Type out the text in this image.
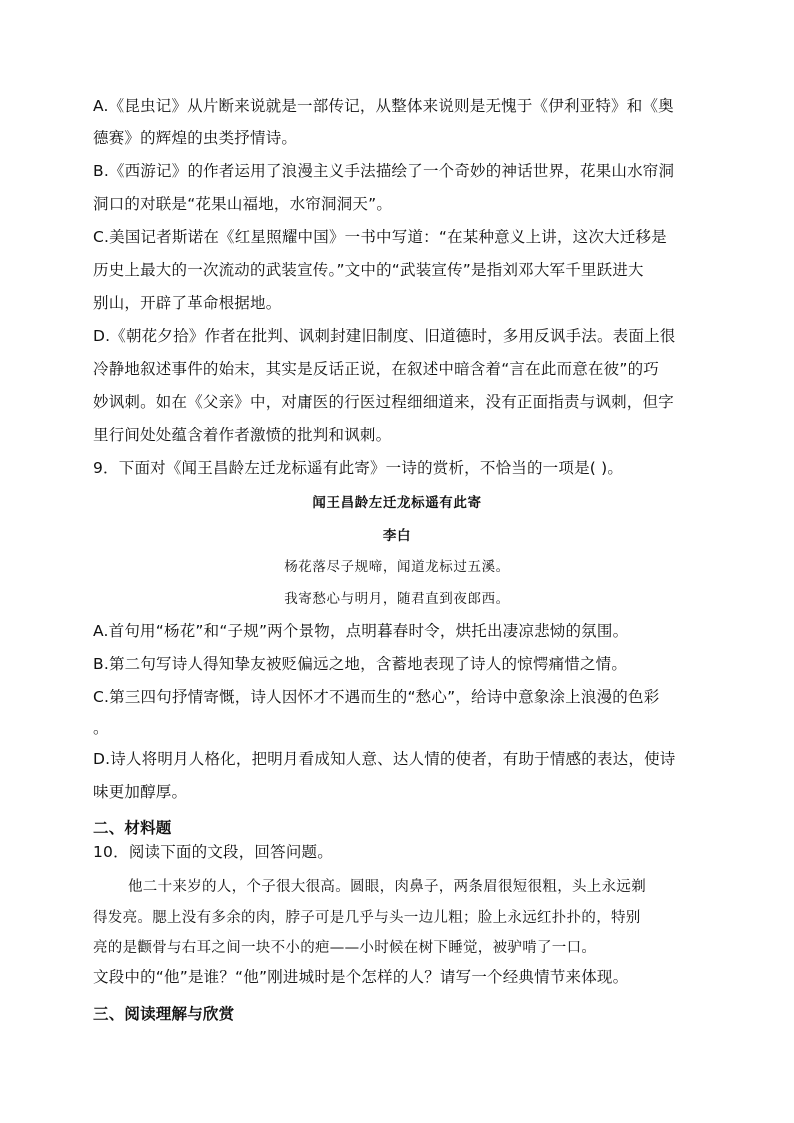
A.《昆虫记》从片断来说就是一部传记，从整体来说则是无愧于《伊利亚特》和《奥
德赛》的辉煌的虫类抒情诗。
B.《西游记》的作者运用了浪漫主义手法描绘了一个奇妙的神话世界，花果山水帘洞
洞口的对联是“花果山福地，水帘洞洞天”。
C.美国记者斯诺在《红星照耀中国》一书中写道：“在某种意义上讲，这次大迁移是
历史上最大的一次流动的武装宣传。”文中的“武装宣传”是指刘邓大军千里跃进大
别山，开辟了革命根据地。
D.《朝花夕拾》作者在批判、讽刺封建旧制度、旧道德时，多用反讽手法。表面上很
冷静地叙述事件的始末，其实是反话正说，在叙述中暗含着“言在此而意在彼”的巧
妙讽刺。如在《父亲》中，对庸医的行医过程细细道来，没有正面指责与讽刺，但字
里行间处处蕴含着作者激愤的批判和讽刺。
9．下面对《闻王昌龄左迁龙标遥有此寄》一诗的赏析，不恰当的一项是( )。
闻王昌龄左迁龙标遥有此寄
李白
杨花落尽子规啼，闻道龙标过五溪。
我寄愁心与明月，随君直到夜郎西。
A.首句用“杨花”和“子规”两个景物，点明暮春时令，烘托出凄凉悲恸的氛围。
B.第二句写诗人得知挚友被贬偏远之地，含蓄地表现了诗人的惊愕痛惜之情。
C.第三四句抒情寄慨，诗人因怀才不遇而生的“愁心”，给诗中意象涂上浪漫的色彩
。
D.诗人将明月人格化，把明月看成知人意、达人情的使者，有助于情感的表达，使诗
味更加醇厚。
二、材料题
10．阅读下面的文段，回答问题。
他二十来岁的人，个子很大很高。圆眼，肉鼻子，两条眉很短很粗，头上永远剃
得发亮。腮上没有多余的肉，脖子可是几乎与头一边儿粗；脸上永远红扑扑的，特别
亮的是颧骨与右耳之间一块不小的疤——小时候在树下睡觉，被驴啃了一口。
文段中的“他”是谁？“他”刚进城时是个怎样的人？请写一个经典情节来体现。
三、阅读理解与欣赏
